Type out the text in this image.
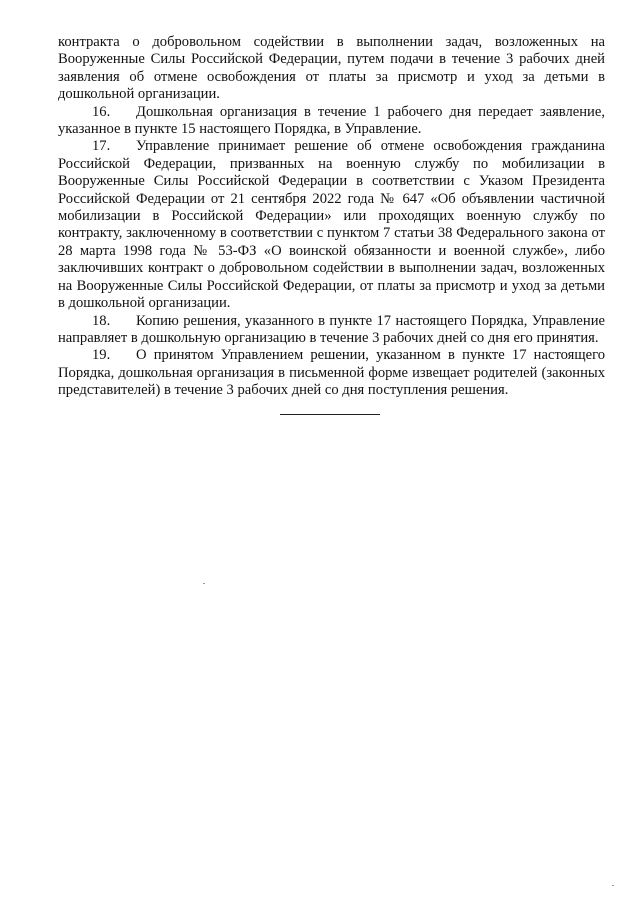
контракта о добровольном содействии в выполнении задач, возложенных на Вооруженные Силы Российской Федерации, путем подачи в течение 3 рабочих дней заявления об отмене освобождения от платы за присмотр и уход за детьми в дошкольной организации.

16. Дошкольная организация в течение 1 рабочего дня передает заявление, указанное в пункте 15 настоящего Порядка, в Управление.

17. Управление принимает решение об отмене освобождения гражданина Российской Федерации, призванных на военную службу по мобилизации в Вооруженные Силы Российской Федерации в соответствии с Указом Президента Российской Федерации от 21 сентября 2022 года № 647 «Об объявлении частичной мобилизации в Российской Федерации» или проходящих военную службу по контракту, заключенному в соответствии с пунктом 7 статьи 38 Федерального закона от 28 марта 1998 года № 53-ФЗ «О воинской обязанности и военной службе», либо заключивших контракт о добровольном содействии в выполнении задач, возложенных на Вооруженные Силы Российской Федерации, от платы за присмотр и уход за детьми в дошкольной организации.

18. Копию решения, указанного в пункте 17 настоящего Порядка, Управление направляет в дошкольную организацию в течение 3 рабочих дней со дня его принятия.

19. О принятом Управлением решении, указанном в пункте 17 настоящего Порядка, дошкольная организация в письменной форме извещает родителей (законных представителей) в течение 3 рабочих дней со дня поступления решения.
